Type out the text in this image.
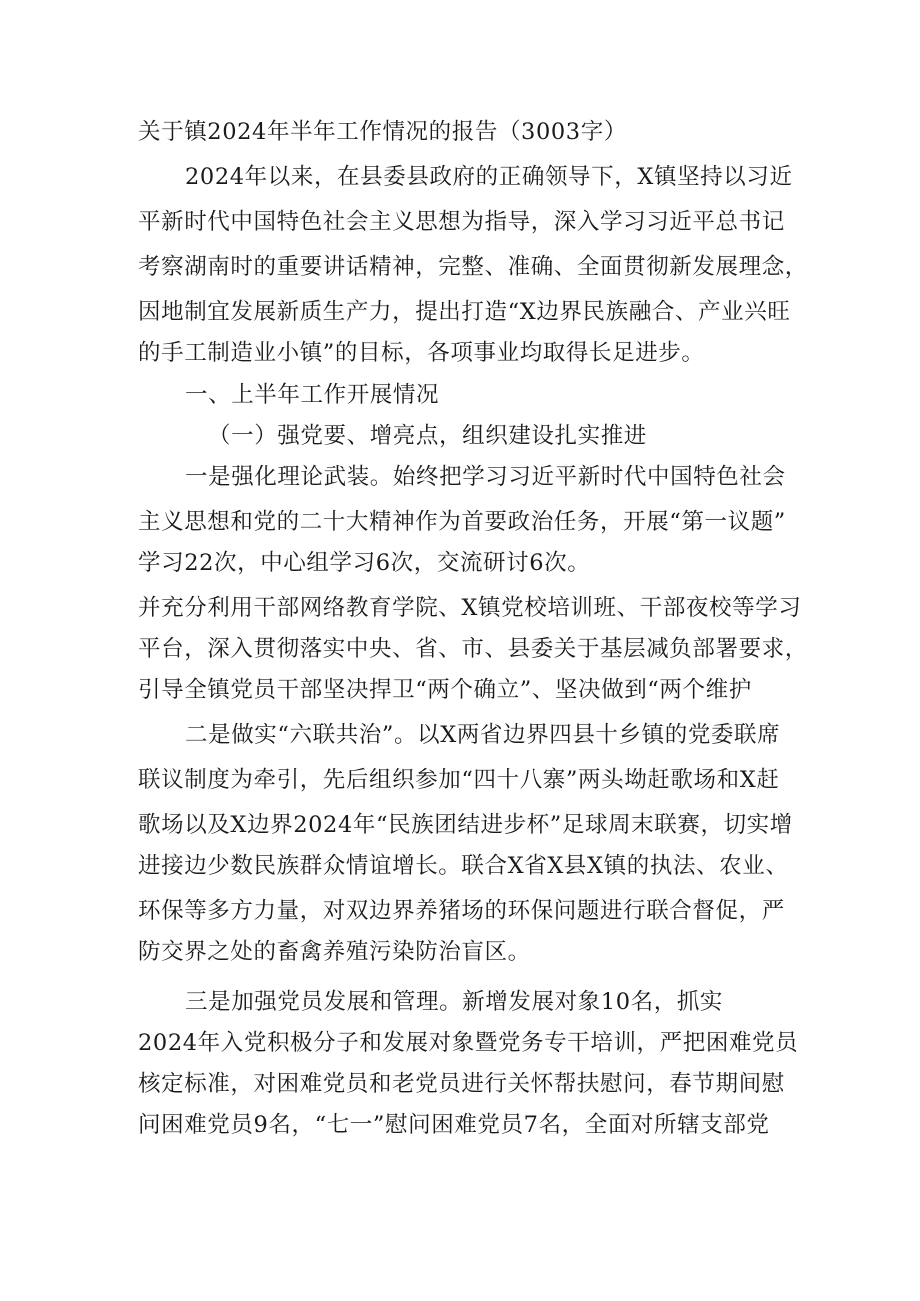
关于镇2024年半年工作情况的报告（3003字）
2024年以来，在县委县政府的正确领导下，X镇坚持以习近
平新时代中国特色社会主义思想为指导，深入学习习近平总书记
考察湖南时的重要讲话精神，完整、准确、全面贯彻新发展理念，
因地制宜发展新质生产力，提出打造“X边界民族融合、产业兴旺
的手工制造业小镇”的目标，各项事业均取得长足进步。
一、上半年工作开展情况
（一）强党要、增亮点，组织建设扎实推进
一是强化理论武装。始终把学习习近平新时代中国特色社会
主义思想和党的二十大精神作为首要政治任务，开展“第一议题”
学习22次，中心组学习6次，交流研讨6次。
并充分利用干部网络教育学院、X镇党校培训班、干部夜校等学习
平台，深入贯彻落实中央、省、市、县委关于基层减负部署要求，
引导全镇党员干部坚决捍卫“两个确立”、坚决做到“两个维护
二是做实“六联共治”。以X两省边界四县十乡镇的党委联席
联议制度为牵引，先后组织参加“四十八寨”两头坳赶歌场和X赶
歌场以及X边界2024年“民族团结进步杯”足球周末联赛，切实增
进接边少数民族群众情谊增长。联合X省X县X镇的执法、农业、
环保等多方力量，对双边界养猪场的环保问题进行联合督促，严
防交界之处的畜禽养殖污染防治盲区。
三是加强党员发展和管理。新增发展对象10名，抓实
2024年入党积极分子和发展对象暨党务专干培训，严把困难党员
核定标准，对困难党员和老党员进行关怀帮扶慰问，春节期间慰
问困难党员9名，“七一”慰问困难党员7名，全面对所辖支部党
